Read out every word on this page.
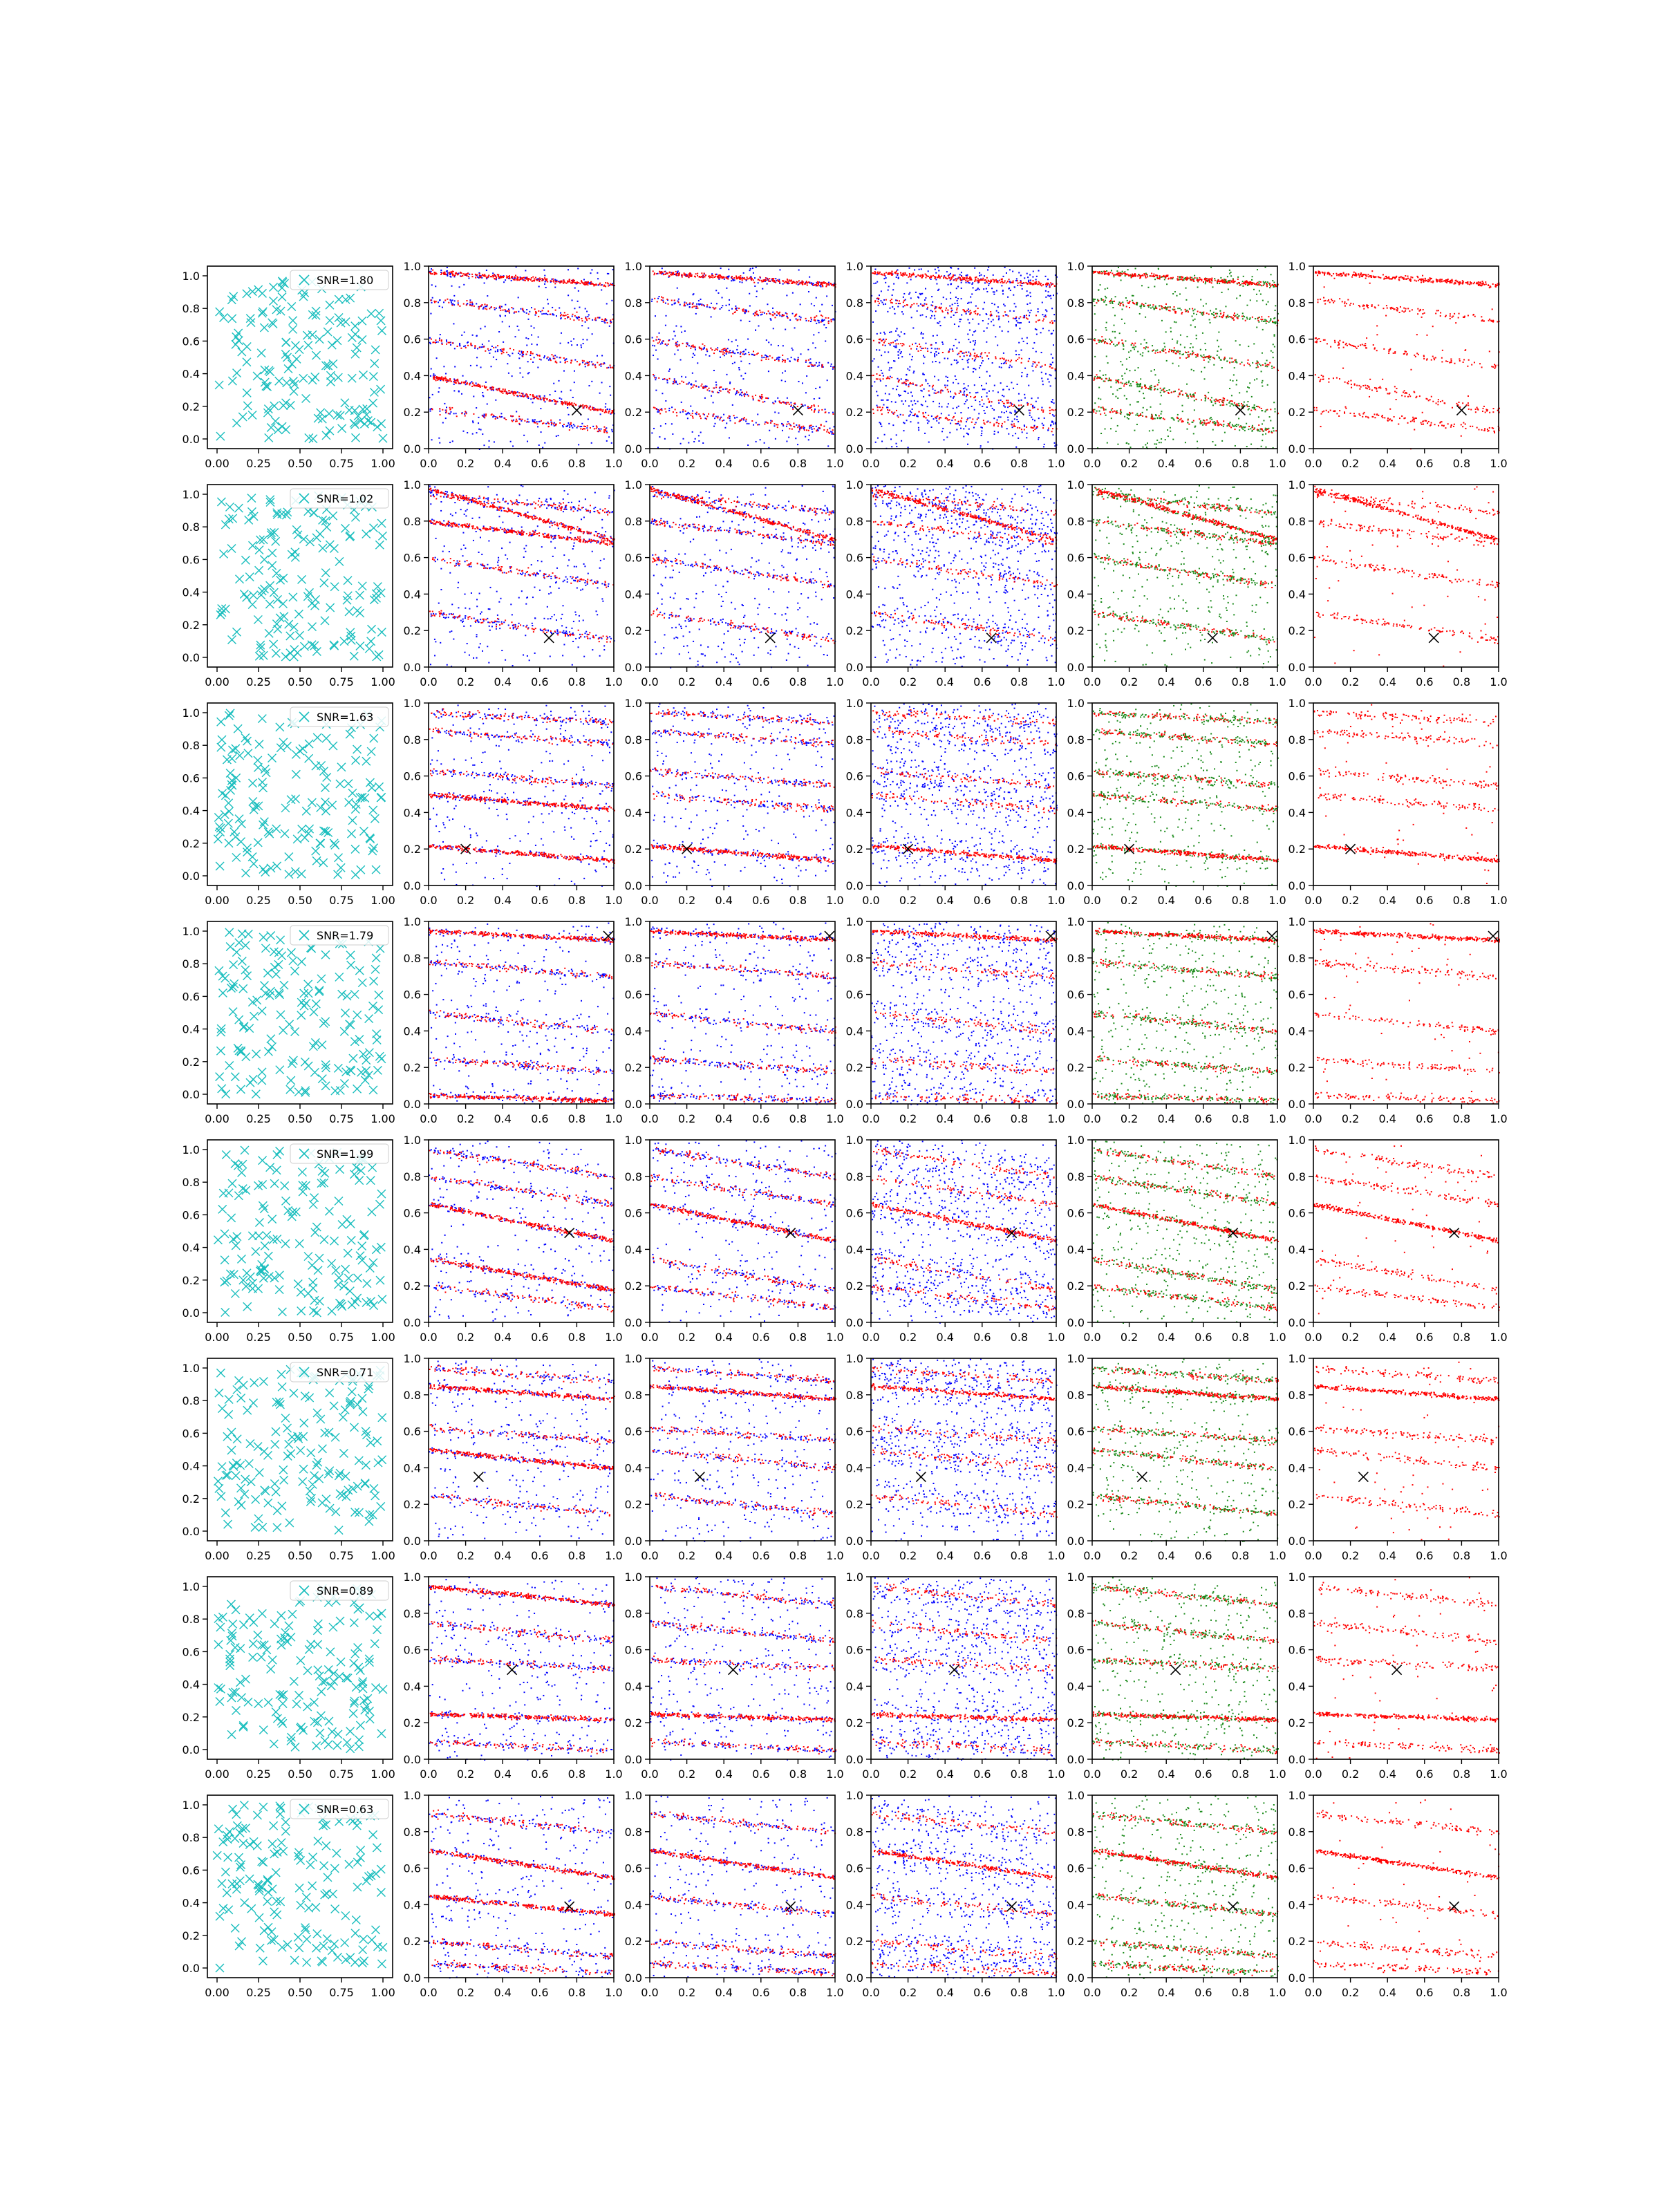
0.00 0.25 0.50 0.75 1.00
0.0
0.2
0.4
0.6
0.8
1.0	SNR=1.80
0.0 0.2 0.4 0.6 0.8 1.0
0.0
0.2
0.4
0.6
0.8
1.0
0.0 0.2 0.4 0.6 0.8 1.0
0.0
0.2
0.4
0.6
0.8
1.0
0.0 0.2 0.4 0.6 0.8 1.0
0.0
0.2
0.4
0.6
0.8
1.0
0.0 0.2 0.4 0.6 0.8 1.0
0.0
0.2
0.4
0.6
0.8
1.0
0.0 0.2 0.4 0.6 0.8 1.0
0.0
0.2
0.4
0.6
0.8
1.0
0.00 0.25 0.50 0.75 1.00
0.0
0.2
0.4
0.6
0.8
1.0	SNR=1.02
0.0 0.2 0.4 0.6 0.8 1.0
0.0
0.2
0.4
0.6
0.8
1.0
0.0 0.2 0.4 0.6 0.8 1.0
0.0
0.2
0.4
0.6
0.8
1.0
0.0 0.2 0.4 0.6 0.8 1.0
0.0
0.2
0.4
0.6
0.8
1.0
0.0 0.2 0.4 0.6 0.8 1.0
0.0
0.2
0.4
0.6
0.8
1.0
0.0 0.2 0.4 0.6 0.8 1.0
0.0
0.2
0.4
0.6
0.8
1.0
0.00 0.25 0.50 0.75 1.00
0.0
0.2
0.4
0.6
0.8
1.0	SNR=1.63
0.0 0.2 0.4 0.6 0.8 1.0
0.0
0.2
0.4
0.6
0.8
1.0
0.0 0.2 0.4 0.6 0.8 1.0
0.0
0.2
0.4
0.6
0.8
1.0
0.0 0.2 0.4 0.6 0.8 1.0
0.0
0.2
0.4
0.6
0.8
1.0
0.0 0.2 0.4 0.6 0.8 1.0
0.0
0.2
0.4
0.6
0.8
1.0
0.0 0.2 0.4 0.6 0.8 1.0
0.0
0.2
0.4
0.6
0.8
1.0
0.00 0.25 0.50 0.75 1.00
0.0
0.2
0.4
0.6
0.8
1.0	SNR=1.79
0.0 0.2 0.4 0.6 0.8 1.0
0.0
0.2
0.4
0.6
0.8
1.0
0.0 0.2 0.4 0.6 0.8 1.0
0.0
0.2
0.4
0.6
0.8
1.0
0.0 0.2 0.4 0.6 0.8 1.0
0.0
0.2
0.4
0.6
0.8
1.0
0.0 0.2 0.4 0.6 0.8 1.0
0.0
0.2
0.4
0.6
0.8
1.0
0.0 0.2 0.4 0.6 0.8 1.0
0.0
0.2
0.4
0.6
0.8
1.0
0.00 0.25 0.50 0.75 1.00
0.0
0.2
0.4
0.6
0.8
1.0	SNR=1.99
0.0 0.2 0.4 0.6 0.8 1.0
0.0
0.2
0.4
0.6
0.8
1.0
0.0 0.2 0.4 0.6 0.8 1.0
0.0
0.2
0.4
0.6
0.8
1.0
0.0 0.2 0.4 0.6 0.8 1.0
0.0
0.2
0.4
0.6
0.8
1.0
0.0 0.2 0.4 0.6 0.8 1.0
0.0
0.2
0.4
0.6
0.8
1.0
0.0 0.2 0.4 0.6 0.8 1.0
0.0
0.2
0.4
0.6
0.8
1.0
0.00 0.25 0.50 0.75 1.00
0.0
0.2
0.4
0.6
0.8
1.0	SNR=0.71
0.0 0.2 0.4 0.6 0.8 1.0
0.0
0.2
0.4
0.6
0.8
1.0
0.0 0.2 0.4 0.6 0.8 1.0
0.0
0.2
0.4
0.6
0.8
1.0
0.0 0.2 0.4 0.6 0.8 1.0
0.0
0.2
0.4
0.6
0.8
1.0
0.0 0.2 0.4 0.6 0.8 1.0
0.0
0.2
0.4
0.6
0.8
1.0
0.0 0.2 0.4 0.6 0.8 1.0
0.0
0.2
0.4
0.6
0.8
1.0
0.00 0.25 0.50 0.75 1.00
0.0
0.2
0.4
0.6
0.8
1.0	SNR=0.89
0.0 0.2 0.4 0.6 0.8 1.0
0.0
0.2
0.4
0.6
0.8
1.0
0.0 0.2 0.4 0.6 0.8 1.0
0.0
0.2
0.4
0.6
0.8
1.0
0.0 0.2 0.4 0.6 0.8 1.0
0.0
0.2
0.4
0.6
0.8
1.0
0.0 0.2 0.4 0.6 0.8 1.0
0.0
0.2
0.4
0.6
0.8
1.0
0.0 0.2 0.4 0.6 0.8 1.0
0.0
0.2
0.4
0.6
0.8
1.0
0.00 0.25 0.50 0.75 1.00
0.0
0.2
0.4
0.6
0.8
1.0	SNR=0.63
0.0 0.2 0.4 0.6 0.8 1.0
0.0
0.2
0.4
0.6
0.8
1.0
0.0 0.2 0.4 0.6 0.8 1.0
0.0
0.2
0.4
0.6
0.8
1.0
0.0 0.2 0.4 0.6 0.8 1.0
0.0
0.2
0.4
0.6
0.8
1.0
0.0 0.2 0.4 0.6 0.8 1.0
0.0
0.2
0.4
0.6
0.8
1.0
0.0 0.2 0.4 0.6 0.8 1.0
0.0
0.2
0.4
0.6
0.8
1.0
